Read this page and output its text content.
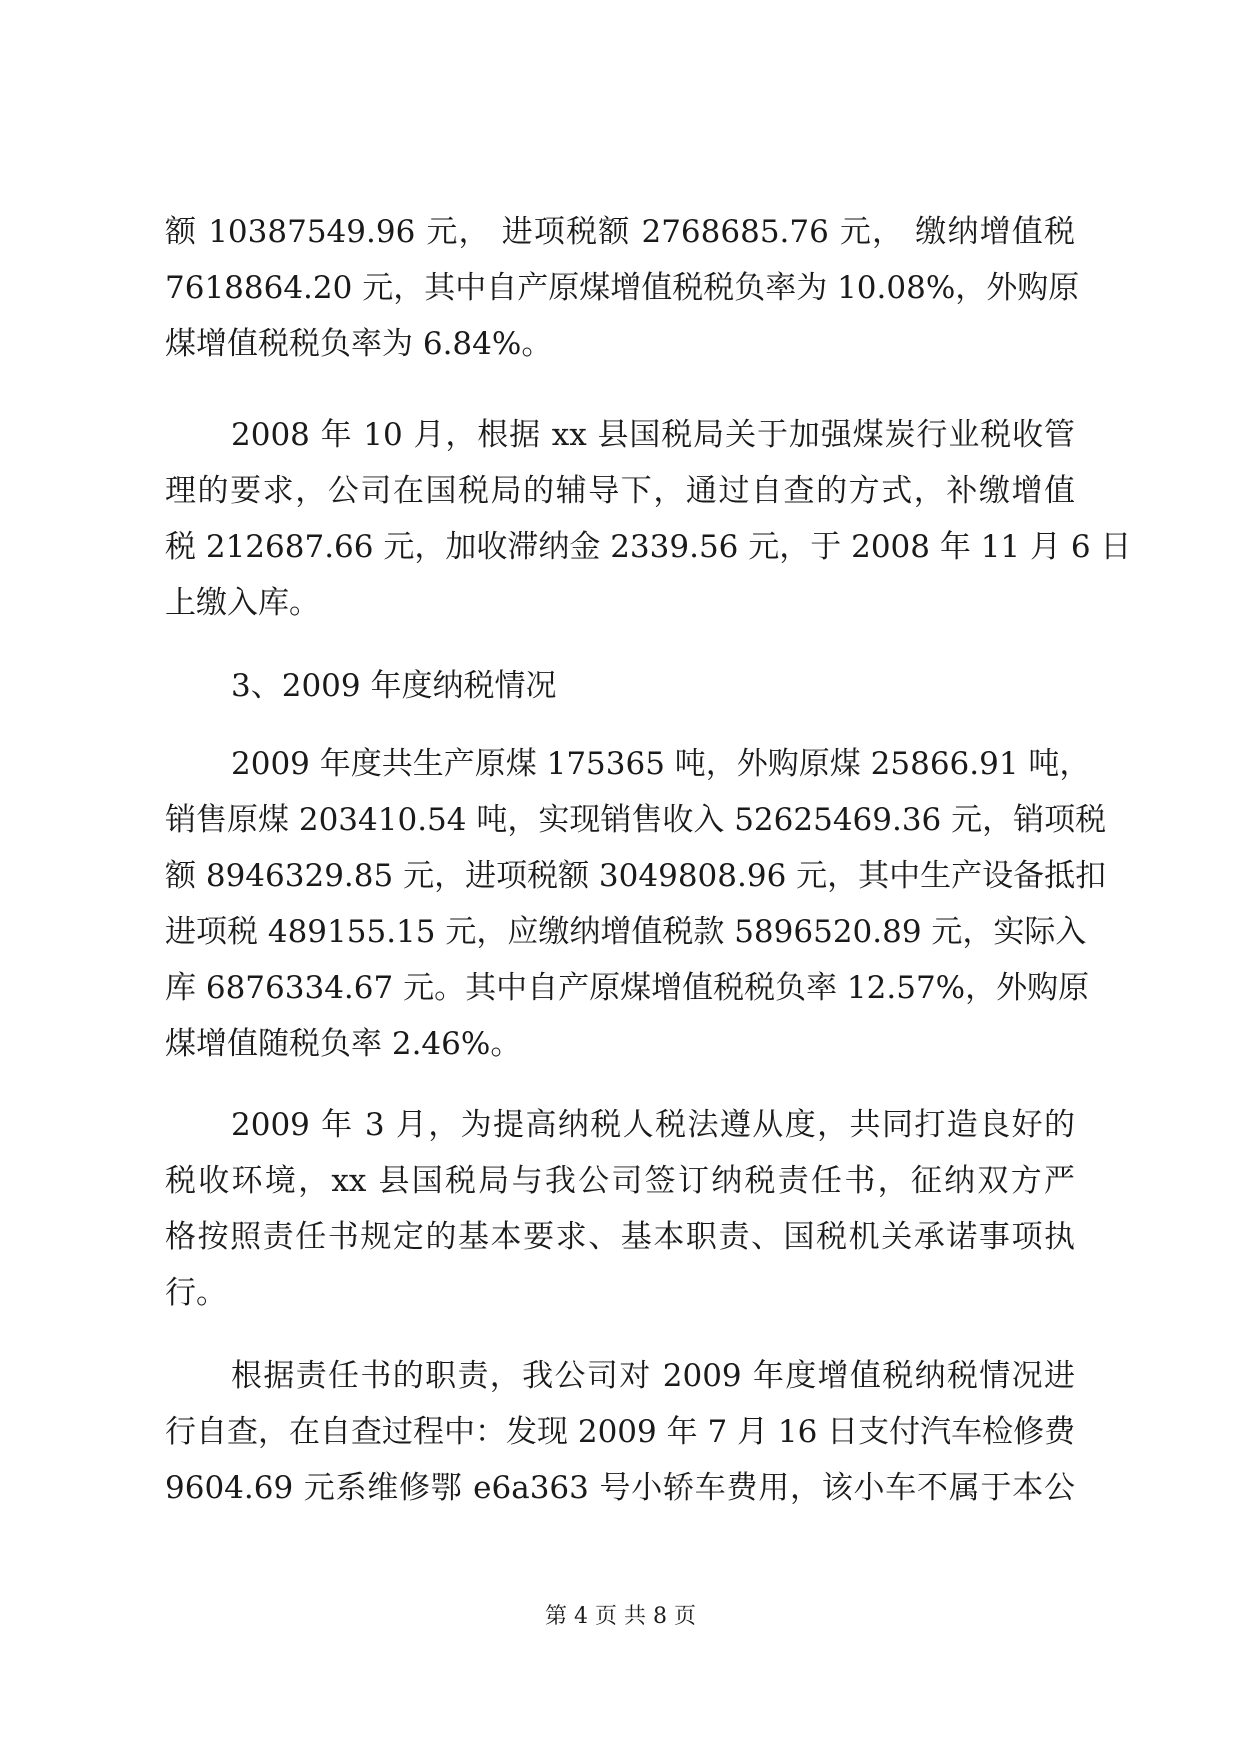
额 10387549.96 元， 进项税额 2768685.76 元， 缴纳增值税
7618864.20 元，其中自产原煤增值税税负率为 10.08%，外购原
煤增值税税负率为 6.84%。
2008 年 10 月，根据 xx 县国税局关于加强煤炭行业税收管
理的要求，公司在国税局的辅导下，通过自查的方式，补缴增值
税 212687.66 元，加收滞纳金 2339.56 元，于 2008 年 11 月 6 日
上缴入库。
3、2009 年度纳税情况
2009 年度共生产原煤 175365 吨，外购原煤 25866.91 吨，
销售原煤 203410.54 吨，实现销售收入 52625469.36 元，销项税
额 8946329.85 元，进项税额 3049808.96 元，其中生产设备抵扣
进项税 489155.15 元，应缴纳增值税款 5896520.89 元，实际入
库 6876334.67 元。其中自产原煤增值税税负率 12.57%，外购原
煤增值随税负率 2.46%。
2009 年 3 月，为提高纳税人税法遵从度，共同打造良好的
税收环境，xx 县国税局与我公司签订纳税责任书，征纳双方严
格按照责任书规定的基本要求、基本职责、国税机关承诺事项执
行。
根据责任书的职责，我公司对 2009 年度增值税纳税情况进
行自查，在自查过程中：发现 2009 年 7 月 16 日支付汽车检修费
9604.69 元系维修鄂 e6a363 号小轿车费用，该小车不属于本公
第 4 页 共 8 页
